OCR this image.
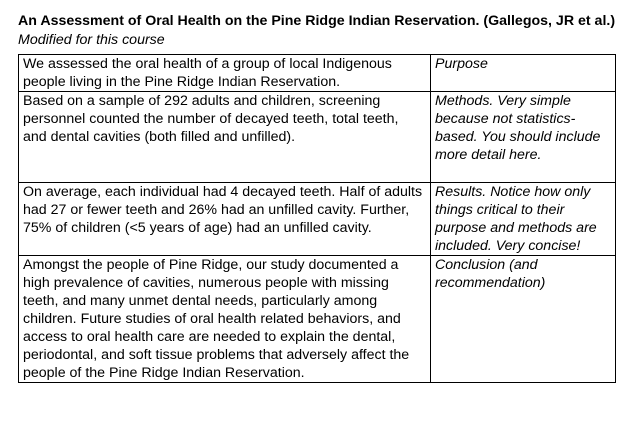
An Assessment of Oral Health on the Pine Ridge Indian Reservation. (Gallegos, JR et al.)
Modified for this course
We assessed the oral health of a group of local Indigenous people living in the Pine Ridge Indian Reservation.	Purpose
Based on a sample of 292 adults and children, screening personnel counted the number of decayed teeth, total teeth, and dental cavities (both filled and unfilled).	Methods. Very simple because not statistics-based. You should include more detail here.
On average, each individual had 4 decayed teeth. Half of adults had 27 or fewer teeth and 26% had an unfilled cavity. Further, 75% of children (<5 years of age) had an unfilled cavity.	Results. Notice how only things critical to their purpose and methods are included. Very concise!
Amongst the people of Pine Ridge, our study documented a high prevalence of cavities, numerous people with missing teeth, and many unmet dental needs, particularly among children. Future studies of oral health related behaviors, and access to oral health care are needed to explain the dental, periodontal, and soft tissue problems that adversely affect the people of the Pine Ridge Indian Reservation.	Conclusion (and recommendation)
